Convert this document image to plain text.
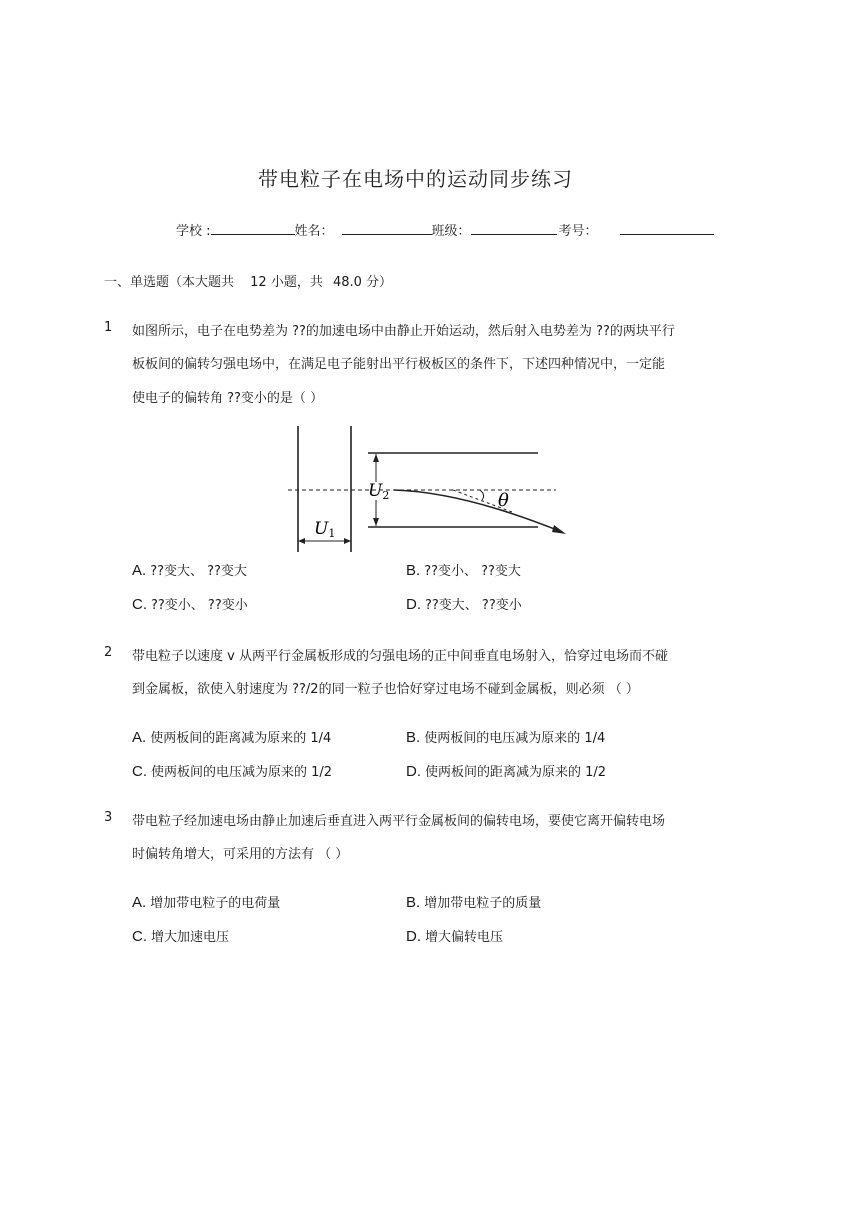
带电粒子在电场中的运动同步练习
学校 :	姓名：	班级：	考号：
一、单选题（本大题共 12 小题，共 48.0 分）
1 如图所示，电子在电势差为 ??的加速电场中由静止开始运动，然后射入电势差为 ??的两块平行
板板间的偏转匀强电场中，在满足电子能射出平行极板区的条件下，下述四种情况中，一定能
使电子的偏转角 ??变小的是（ ）
U1
U2	θ
A. ??变大、 ??变大	B. ??变小、 ??变大
C. ??变小、 ??变小	D. ??变大、 ??变小
2 带电粒子以速度 v 从两平行金属板形成的匀强电场的正中间垂直电场射入，恰穿过电场而不碰
到金属板，欲使入射速度为 ??/2的同一粒子也恰好穿过电场不碰到金属板，则必须 （ ）
A. 使两板间的距离减为原来的 1/4	B. 使两板间的电压减为原来的 1/4
C. 使两板间的电压减为原来的 1/2	D. 使两板间的距离减为原来的 1/2
3 带电粒子经加速电场由静止加速后垂直进入两平行金属板间的偏转电场，要使它离开偏转电场
时偏转角增大，可采用的方法有 （ ）
A. 增加带电粒子的电荷量	B. 增加带电粒子的质量
C. 增大加速电压	D. 增大偏转电压
